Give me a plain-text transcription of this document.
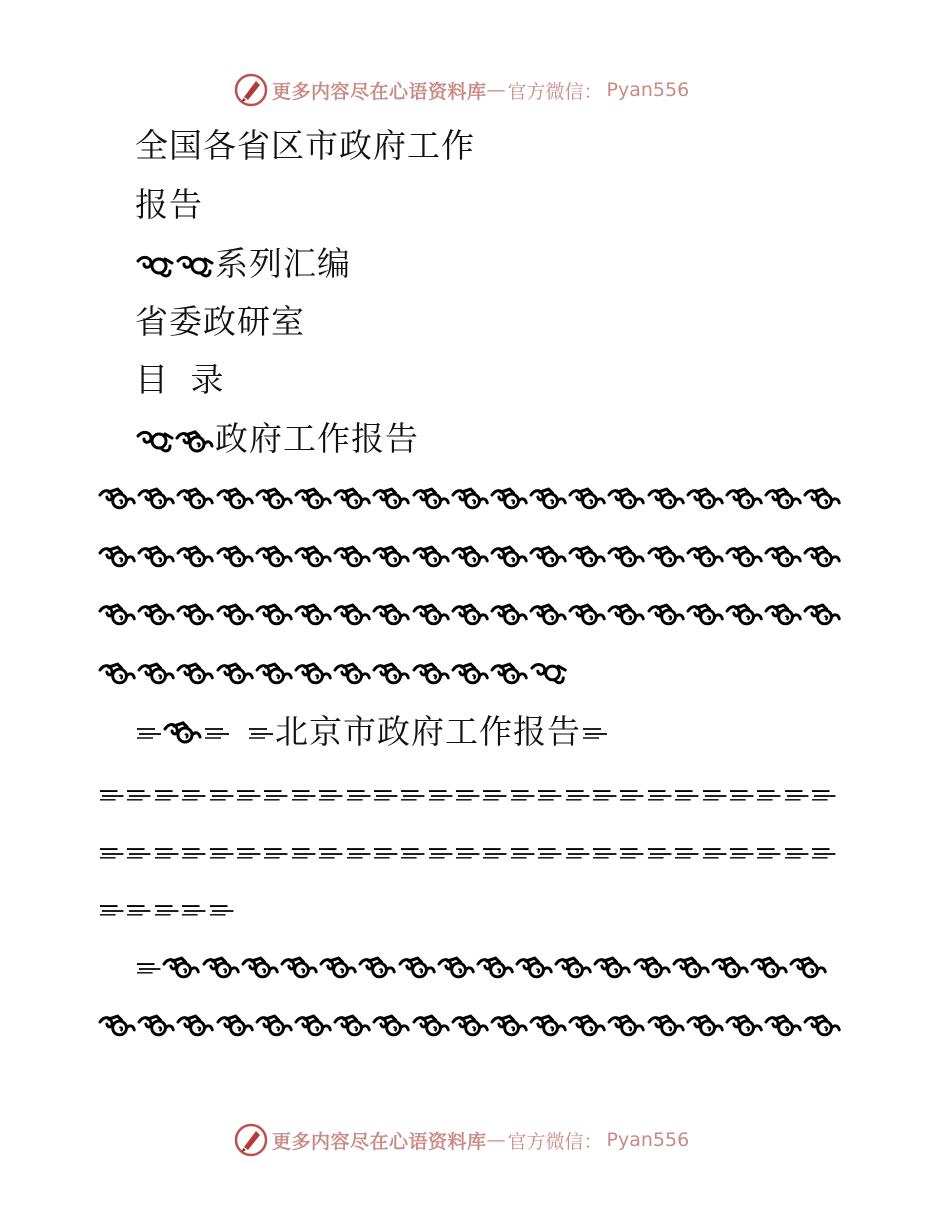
更多内容尽在心语资料库 — 官方微信： Pyan556
全国各省区市政府工作
报告
系列汇编
省委政研室
目 录
政府工作报告
北京市政府工作报告
更多内容尽在心语资料库 — 官方微信： Pyan556
